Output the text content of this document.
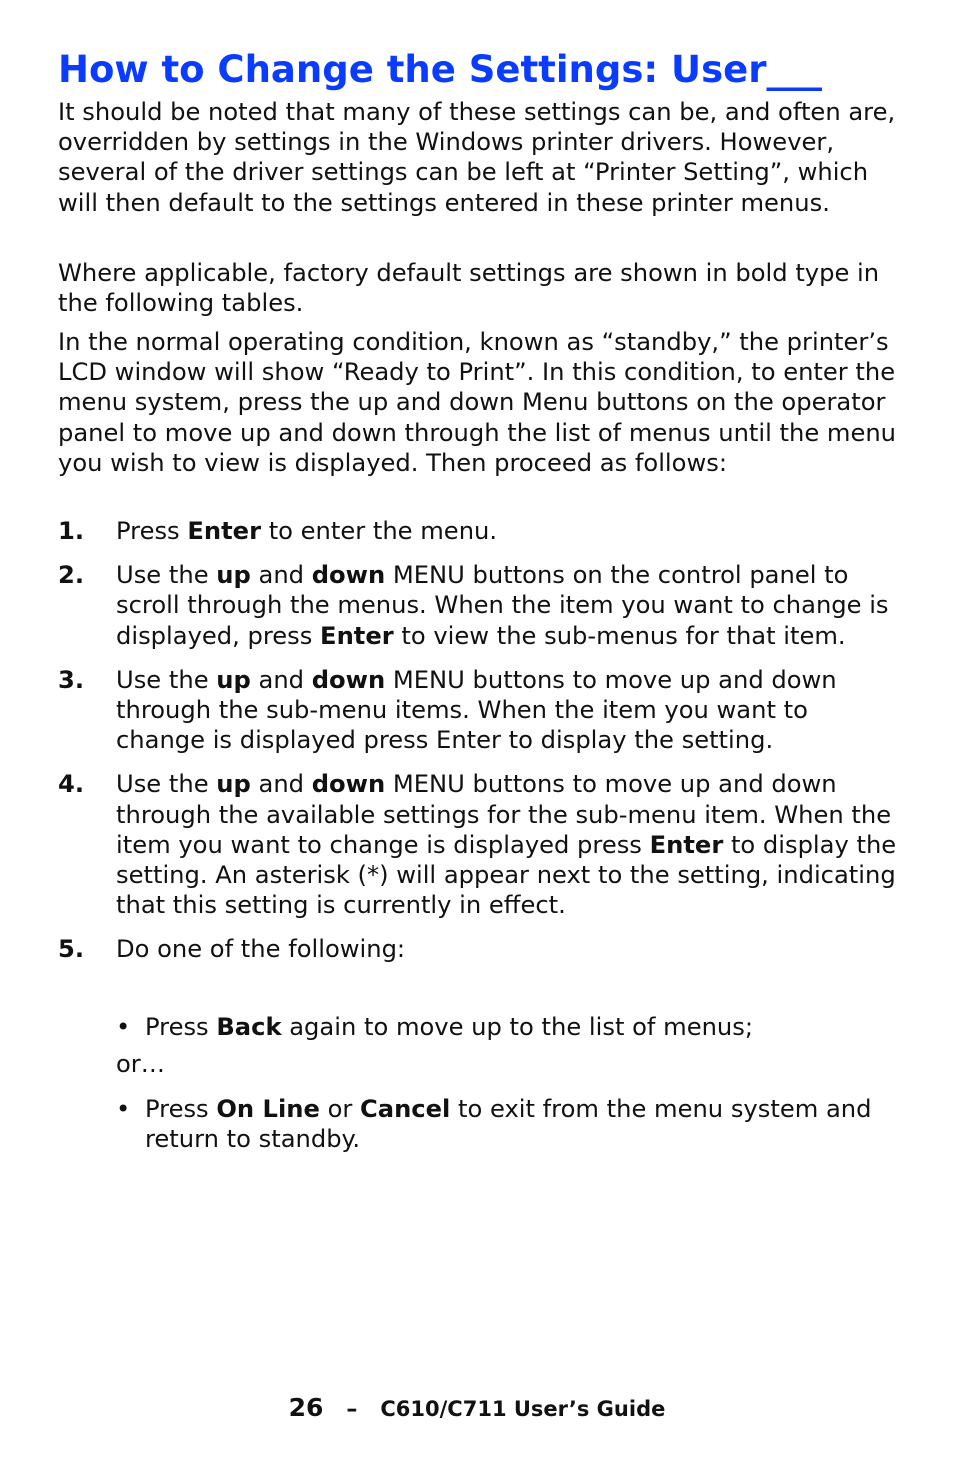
How to Change the Settings: User___

It should be noted that many of these settings can be, and often are, overridden by settings in the Windows printer drivers. However, several of the driver settings can be left at “Printer Setting”, which will then default to the settings entered in these printer menus.

Where applicable, factory default settings are shown in bold type in the following tables.

In the normal operating condition, known as “standby,” the printer’s LCD window will show “Ready to Print”. In this condition, to enter the menu system, press the up and down Menu buttons on the operator panel to move up and down through the list of menus until the menu you wish to view is displayed. Then proceed as follows:

1. Press Enter to enter the menu.
2. Use the up and down MENU buttons on the control panel to scroll through the menus. When the item you want to change is displayed, press Enter to view the sub-menus for that item.
3. Use the up and down MENU buttons to move up and down through the sub-menu items. When the item you want to change is displayed press Enter to display the setting.
4. Use the up and down MENU buttons to move up and down through the available settings for the sub-menu item. When the item you want to change is displayed press Enter to display the setting. An asterisk (*) will appear next to the setting, indicating that this setting is currently in effect.
5. Do one of the following:
• Press Back again to move up to the list of menus;
or…
• Press On Line or Cancel to exit from the menu system and return to standby.
26 – C610/C711 User’s Guide
